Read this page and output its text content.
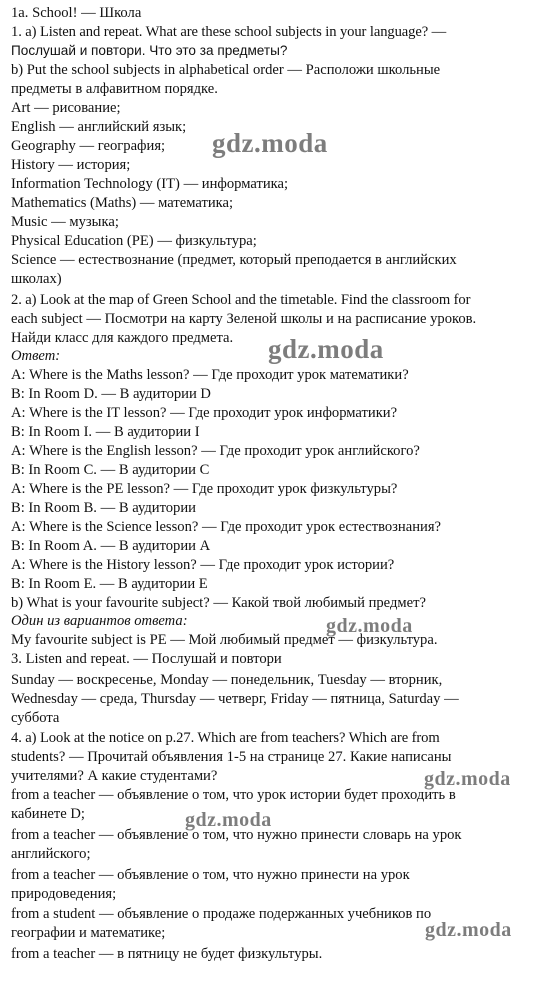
1a. School! — Школа
1. a) Listen and repeat. What are these school subjects in your language? —
Послушай и повтори. Что это за предметы?
b) Put the school subjects in alphabetical order — Расположи школьные
предметы в алфавитном порядке.
Art — рисование;
English — английский язык;
Geography — география;
History — история;
Information Technology (IT) — информатика;
Mathematics (Maths) — математика;
Music — музыка;
Physical Education (PE) — физкультура;
Science — естествознание (предмет, который преподается в английских
школах)
2. a) Look at the map of Green School and the timetable. Find the classroom for
each subject — Посмотри на карту Зеленой школы и на расписание уроков.
Найди класс для каждого предмета.
Ответ:
A: Where is the Maths lesson? — Где проходит урок математики?
B: In Room D. — В аудитории D
A: Where is the IT lesson? — Где проходит урок информатики?
B: In Room I. — В аудитории I
A: Where is the English lesson? — Где проходит урок английского?
B: In Room C. — В аудитории C
A: Where is the PE lesson? — Где проходит урок физкультуры?
B: In Room B. — В аудитории
A: Where is the Science lesson? — Где проходит урок естествознания?
B: In Room A. — В аудитории A
A: Where is the History lesson? — Где проходит урок истории?
B: In Room E. — В аудитории E
b) What is your favourite subject? — Какой твой любимый предмет?
Один из вариантов ответа:
My favourite subject is PE — Мой любимый предмет — физкультура.
3. Listen and repeat. — Послушай и повтори
Sunday — воскресенье, Monday — понедельник, Tuesday — вторник,
Wednesday — среда, Thursday — четверг, Friday — пятница, Saturday —
суббота
4. a) Look at the notice on p.27. Which are from teachers? Which are from
students? — Прочитай объявления 1-5 на странице 27. Какие написаны
учителями? А какие студентами?
from a teacher — объявление о том, что урок истории будет проходить в
кабинете D;
from a teacher — объявление о том, что нужно принести словарь на урок
английского;
from a teacher — объявление о том, что нужно принести на урок
природоведения;
from a student — объявление о продаже подержанных учебников по
географии и математике;
from a teacher — в пятницу не будет физкультуры.
gdz.moda
gdz.moda
gdz.moda
gdz.moda
gdz.moda
gdz.moda
